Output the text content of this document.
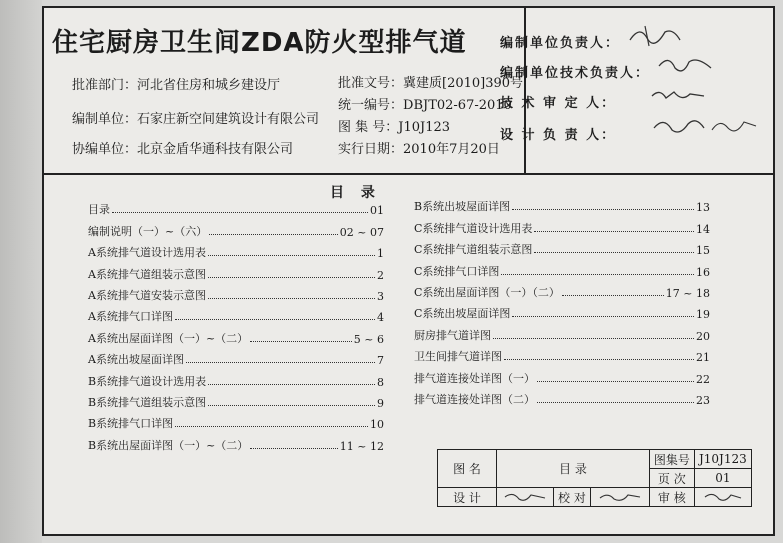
住宅厨房卫生间ZDA防火型排气道
批准部门：河北省住房和城乡建设厅
编制单位：石家庄新空间建筑设计有限公司
协编单位：北京金盾华通科技有限公司
批准文号：冀建质[2010]390号
统一编号：DBJT02-67-2010
图 集 号：J10J123
实行日期：2010年7月20日
编制单位负责人：
编制单位技术负责人：
技 术 审 定 人：
设 计 负 责 人：
目 录
目录	01
编制说明（一）~（六）	02 ~ 07
A系统排气道设计选用表	1
A系统排气道组装示意图	2
A系统排气道安装示意图	3
A系统排气口详图	4
A系统出屋面详图（一）~（二）	5 ~ 6
A系统出坡屋面详图	7
B系统排气道设计选用表	8
B系统排气道组装示意图	9
B系统排气口详图	10
B系统出屋面详图（一）~（二）	11 ~ 12
B系统出坡屋面详图	13
C系统排气道设计选用表	14
C系统排气道组装示意图	15
C系统排气口详图	16
C系统出屋面详图（一）（二）	17 ~ 18
C系统出坡屋面详图	19
厨房排气道详图	20
卫生间排气道详图	21
排气道连接处详图（一）	22
排气道连接处详图（二）	23
图 名	目 录			图集号	J10J123
				页 次	01
设 计		校 对		审 核	
